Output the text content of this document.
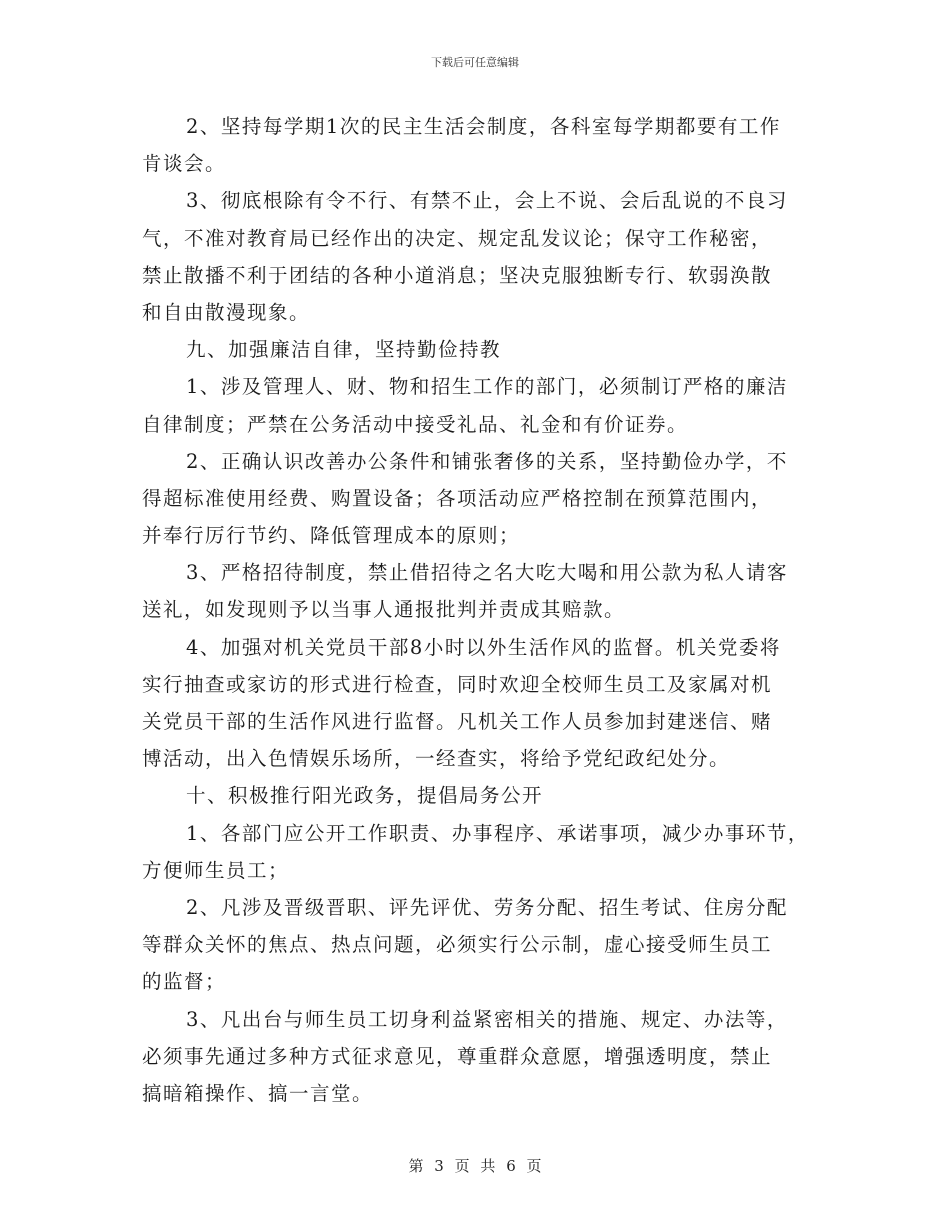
下载后可任意编辑
2、坚持每学期1次的民主生活会制度，各科室每学期都要有工作
肯谈会。
3、彻底根除有令不行、有禁不止，会上不说、会后乱说的不良习
气，不准对教育局已经作出的决定、规定乱发议论；保守工作秘密，
禁止散播不利于团结的各种小道消息；坚决克服独断专行、软弱涣散
和自由散漫现象。
九、加强廉洁自律，坚持勤俭持教
1、涉及管理人、财、物和招生工作的部门，必须制订严格的廉洁
自律制度；严禁在公务活动中接受礼品、礼金和有价证券。
2、正确认识改善办公条件和铺张奢侈的关系，坚持勤俭办学，不
得超标准使用经费、购置设备；各项活动应严格控制在预算范围内，
并奉行厉行节约、降低管理成本的原则；
3、严格招待制度，禁止借招待之名大吃大喝和用公款为私人请客
送礼，如发现则予以当事人通报批判并责成其赔款。
4、加强对机关党员干部8小时以外生活作风的监督。机关党委将
实行抽查或家访的形式进行检查，同时欢迎全校师生员工及家属对机
关党员干部的生活作风进行监督。凡机关工作人员参加封建迷信、赌
博活动，出入色情娱乐场所，一经查实，将给予党纪政纪处分。
十、积极推行阳光政务，提倡局务公开
1、各部门应公开工作职责、办事程序、承诺事项，减少办事环节，
方便师生员工；
2、凡涉及晋级晋职、评先评优、劳务分配、招生考试、住房分配
等群众关怀的焦点、热点问题，必须实行公示制，虚心接受师生员工
的监督；
3、凡出台与师生员工切身利益紧密相关的措施、规定、办法等，
必须事先通过多种方式征求意见，尊重群众意愿，增强透明度，禁止
搞暗箱操作、搞一言堂。
第 3 页 共 6 页
